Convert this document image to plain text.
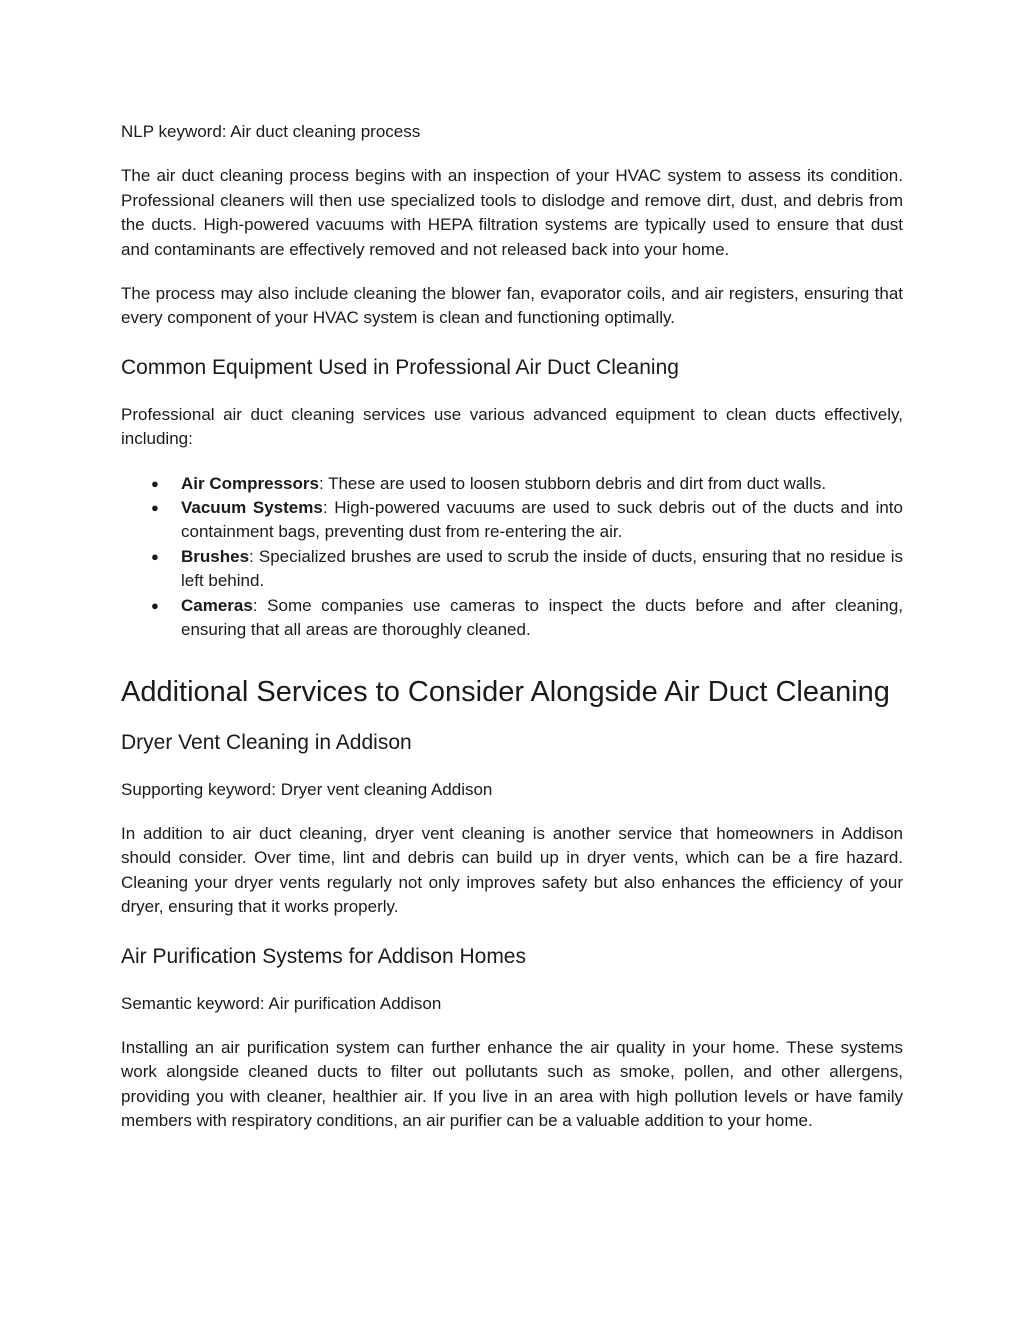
NLP keyword: Air duct cleaning process

The air duct cleaning process begins with an inspection of your HVAC system to assess its condition. Professional cleaners will then use specialized tools to dislodge and remove dirt, dust, and debris from the ducts. High-powered vacuums with HEPA filtration systems are typically used to ensure that dust and contaminants are effectively removed and not released back into your home.

The process may also include cleaning the blower fan, evaporator coils, and air registers, ensuring that every component of your HVAC system is clean and functioning optimally.

Common Equipment Used in Professional Air Duct Cleaning

Professional air duct cleaning services use various advanced equipment to clean ducts effectively, including:

● Air Compressors: These are used to loosen stubborn debris and dirt from duct walls.
● Vacuum Systems: High-powered vacuums are used to suck debris out of the ducts and into containment bags, preventing dust from re-entering the air.
● Brushes: Specialized brushes are used to scrub the inside of ducts, ensuring that no residue is left behind.
● Cameras: Some companies use cameras to inspect the ducts before and after cleaning, ensuring that all areas are thoroughly cleaned.
Additional Services to Consider Alongside Air Duct Cleaning
Dryer Vent Cleaning in Addison

Supporting keyword: Dryer vent cleaning Addison

In addition to air duct cleaning, dryer vent cleaning is another service that homeowners in Addison should consider. Over time, lint and debris can build up in dryer vents, which can be a fire hazard. Cleaning your dryer vents regularly not only improves safety but also enhances the efficiency of your dryer, ensuring that it works properly.

Air Purification Systems for Addison Homes

Semantic keyword: Air purification Addison

Installing an air purification system can further enhance the air quality in your home. These systems work alongside cleaned ducts to filter out pollutants such as smoke, pollen, and other allergens, providing you with cleaner, healthier air. If you live in an area with high pollution levels or have family members with respiratory conditions, an air purifier can be a valuable addition to your home.
